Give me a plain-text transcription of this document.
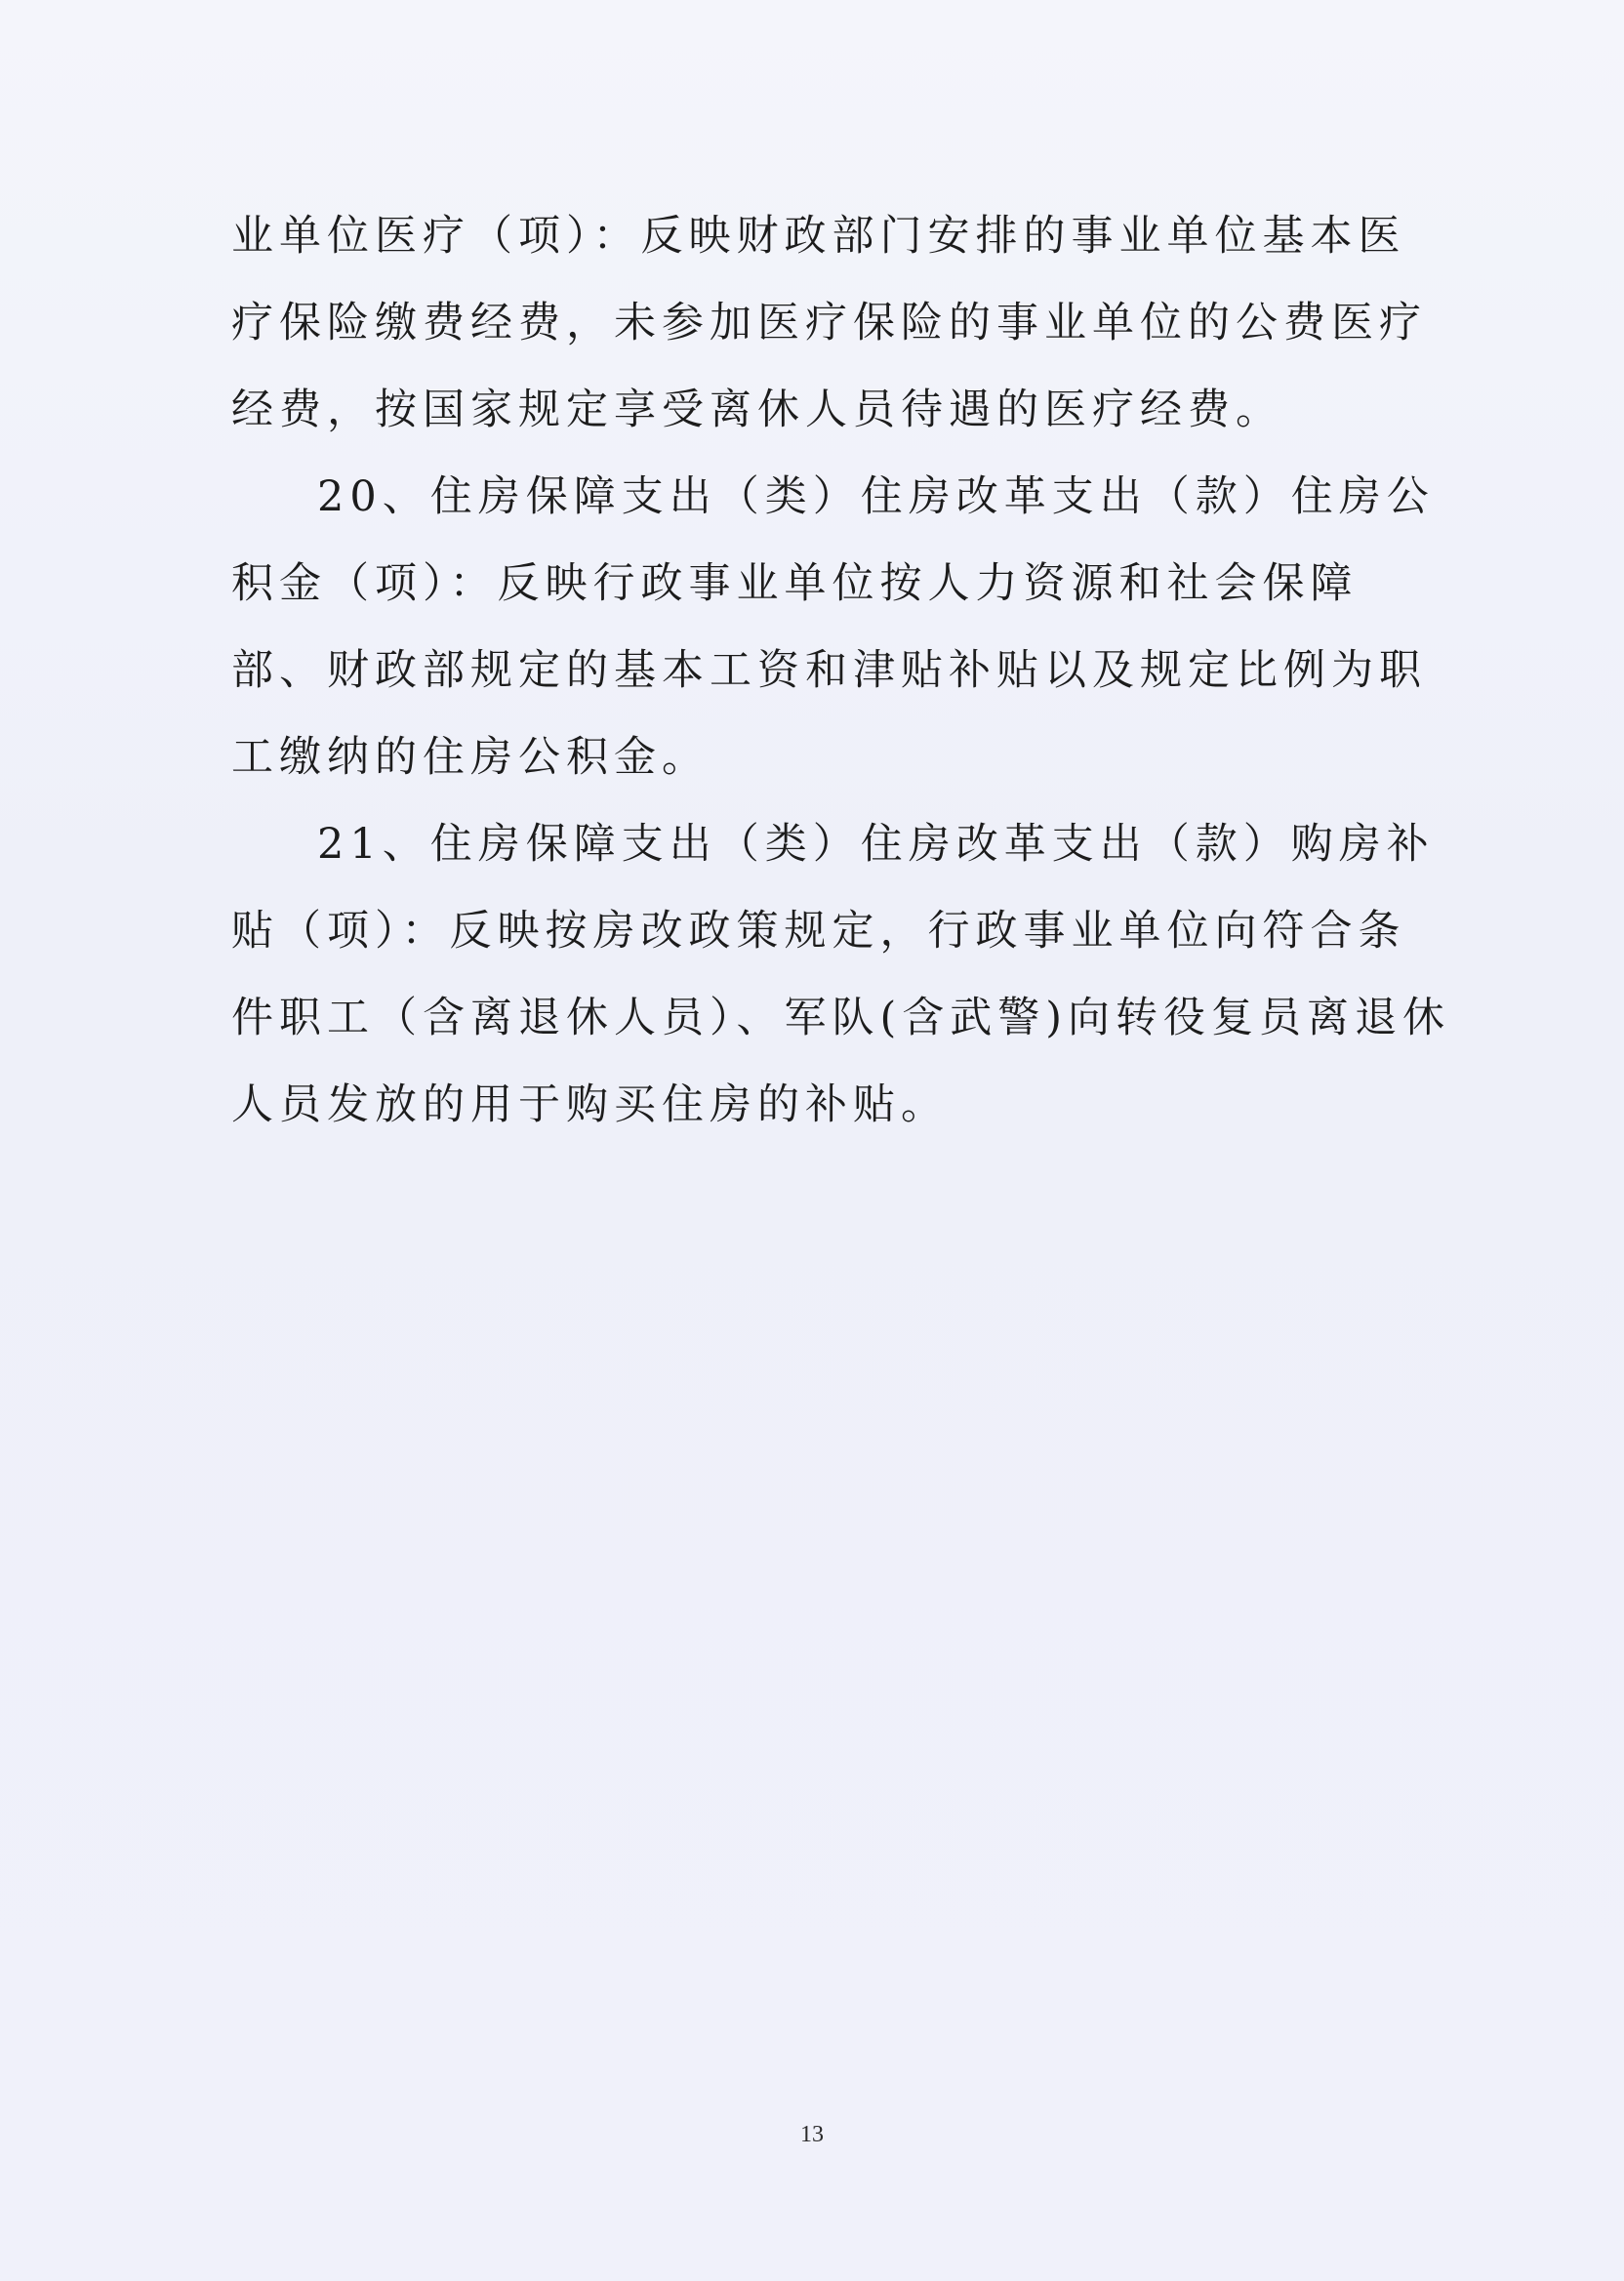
业单位医疗（项）：反映财政部门安排的事业单位基本医
疗保险缴费经费，未参加医疗保险的事业单位的公费医疗
经费，按国家规定享受离休人员待遇的医疗经费。
20、住房保障支出（类）住房改革支出（款）住房公
积金（项）：反映行政事业单位按人力资源和社会保障
部、财政部规定的基本工资和津贴补贴以及规定比例为职
工缴纳的住房公积金。
21、住房保障支出（类）住房改革支出（款）购房补
贴（项）：反映按房改政策规定，行政事业单位向符合条
件职工（含离退休人员）、军队(含武警)向转役复员离退休
人员发放的用于购买住房的补贴。
13
